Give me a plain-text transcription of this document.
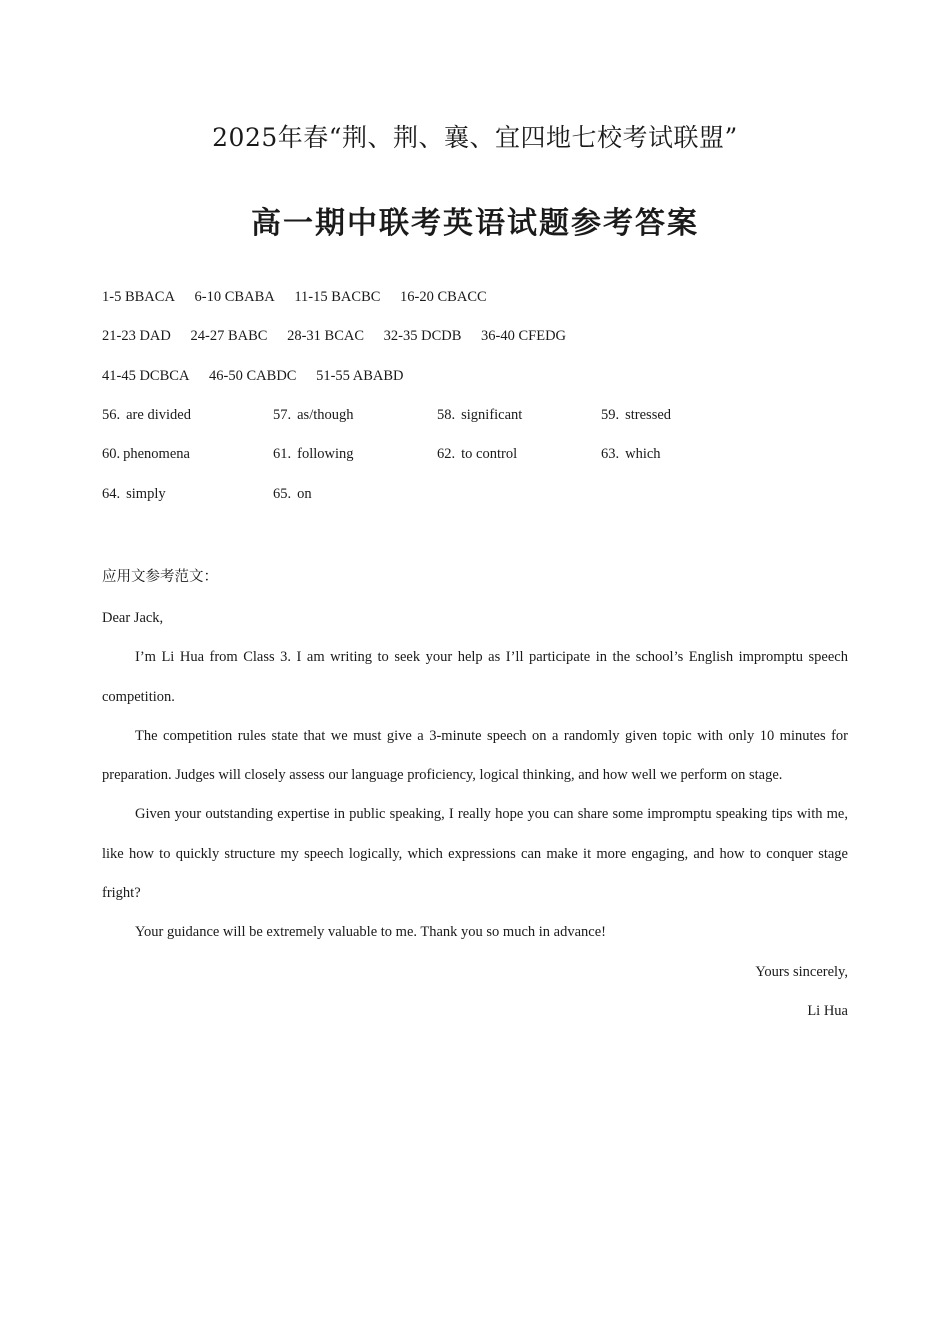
2025年春“荆、荆、襄、宜四地七校考试联盟”
高一期中联考英语试题参考答案
1-5 BBACA 6-10 CBABA 11-15 BACBC 16-20 CBACC
21-23 DAD 24-27 BABC 28-31 BCAC 32-35 DCDB 36-40 CFEDG
41-45 DCBCA 46-50 CABDC 51-55 ABABD
56. are divided	57. as/though	58. significant	59. stressed
60. phenomena	61. following	62. to control	63. which
64. simply	65. on
应用文参考范文：

Dear Jack,

I’m Li Hua from Class 3. I am writing to seek your help as I’ll participate in the school’s English impromptu speech competition.

The competition rules state that we must give a 3-minute speech on a randomly given topic with only 10 minutes for preparation. Judges will closely assess our language proficiency, logical thinking, and how well we perform on stage.

Given your outstanding expertise in public speaking, I really hope you can share some impromptu speaking tips with me, like how to quickly structure my speech logically, which expressions can make it more engaging, and how to conquer stage fright?

Your guidance will be extremely valuable to me. Thank you so much in advance!

Yours sincerely,

Li Hua
